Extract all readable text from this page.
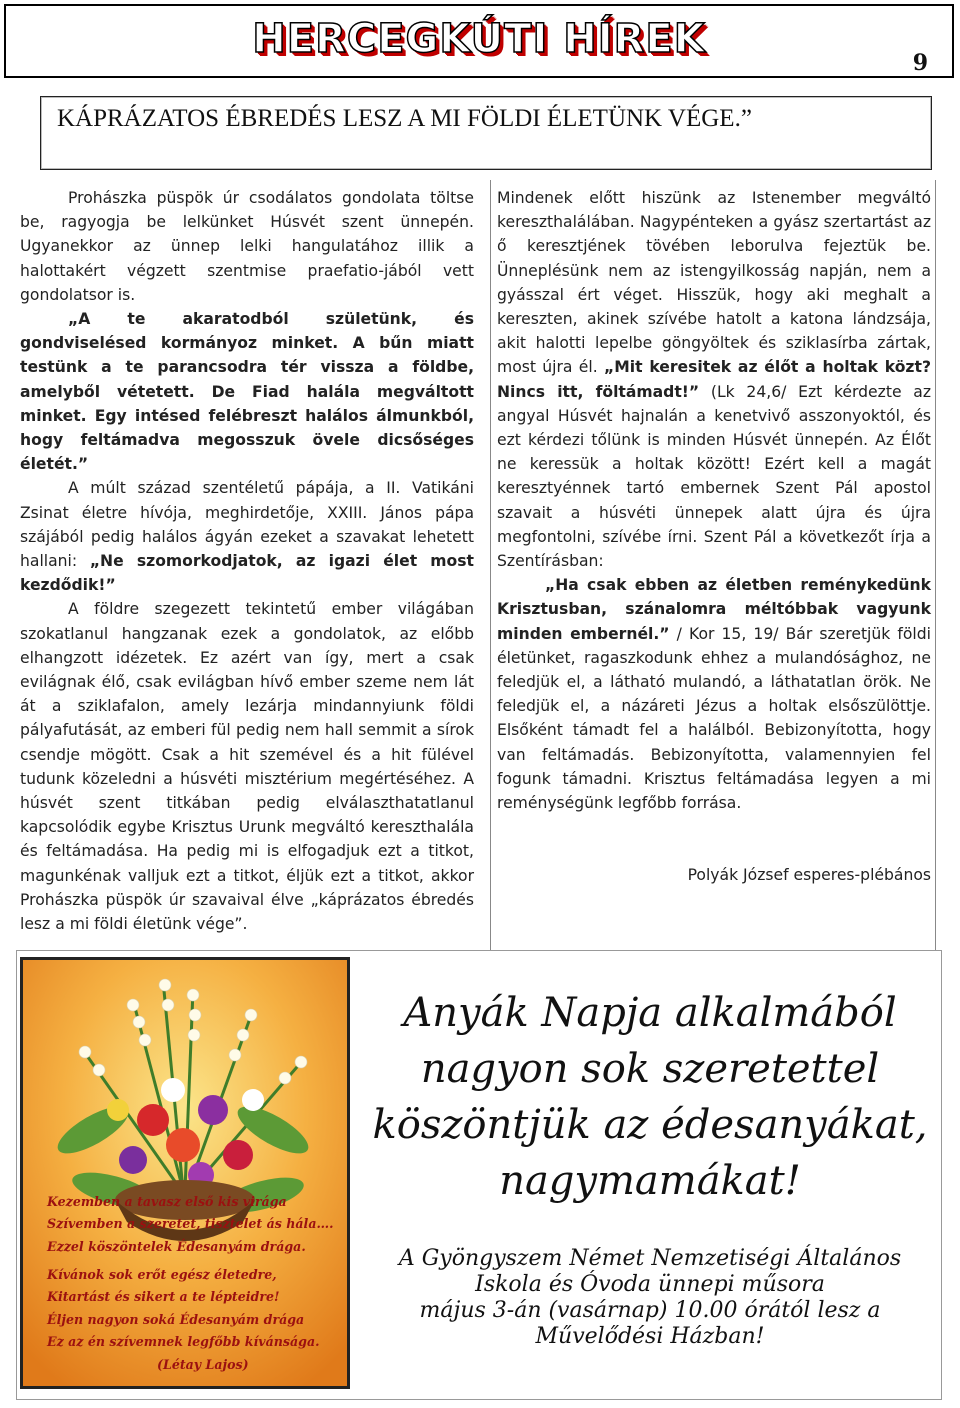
HERCEGKÚTI HÍREK
9
KÁPRÁZATOS ÉBREDÉS LESZ A MI FÖLDI ÉLETÜNK VÉGE.”

Prohászka püspök úr csodálatos gondolata töltse be, ragyogja be lelkünket Húsvét szent ünnepén. Ugyanekkor az ünnep lelki hangulatához illik a halottakért végzett szentmise praefatio-jából vett gondolatsor is.

„A te akaratodból születünk, és gondviselésed kormányoz minket. A bűn miatt testünk a te parancsodra tér vissza a földbe, amelyből vétetett. De Fiad halála megváltott minket. Egy intésed felébreszt halálos álmunkból, hogy feltámadva megosszuk övele dicsőséges életét.”

A múlt század szentéletű pápája, a II. Vatikáni Zsinat életre hívója, meghirdetője, XXIII. János pápa szájából pedig halálos ágyán ezeket a szavakat lehetett hallani: „Ne szomorkodjatok, az igazi élet most kezdődik!”

A földre szegezett tekintetű ember világában szokatlanul hangzanak ezek a gondolatok, az előbb elhangzott idézetek. Ez azért van így, mert a csak evilágnak élő, csak evilágban hívő ember szeme nem lát át a sziklafalon, amely lezárja mindannyiunk földi pályafutását, az emberi fül pedig nem hall semmit a sírok csendje mögött. Csak a hit szemével és a hit fülével tudunk közeledni a húsvéti misztérium megértéséhez. A húsvét szent titkában pedig elválaszthatatlanul kapcsolódik egybe Krisztus Urunk megváltó kereszthalála és feltámadása. Ha pedig mi is elfogadjuk ezt a titkot, magunkénak valljuk ezt a titkot, éljük ezt a titkot, akkor Prohászka püspök úr szavaival élve „káprázatos ébredés lesz a mi földi életünk vége”.

Mindenek előtt hiszünk az Istenember megváltó kereszthalálában. Nagypénteken a gyász szertartást az ő keresztjének tövében leborulva fejeztük be. Ünneplésünk nem az istengyilkosság napján, nem a gyásszal ért véget. Hisszük, hogy aki meghalt a kereszten, akinek szívébe hatolt a katona lándzsája, akit halotti lepelbe göngyöltek és sziklasírba zártak, most újra él. „Mit keresitek az élőt a holtak közt? Nincs itt, föltámadt!” (Lk 24,6/ Ezt kérdezte az angyal Húsvét hajnalán a kenetvivő asszonyoktól, és ezt kérdezi tőlünk is minden Húsvét ünnepén. Az Élőt ne keressük a holtak között! Ezért kell a magát keresztyénnek tartó embernek Szent Pál apostol szavait a húsvéti ünnepek alatt újra és újra megfontolni, szívébe írni. Szent Pál a következőt írja a Szentírásban:

„Ha csak ebben az életben reménykedünk Krisztusban, szánalomra méltóbbak vagyunk minden embernél.” / Kor 15, 19/ Bár szeretjük földi életünket, ragaszkodunk ehhez a mulandósághoz, ne feledjük el, a látható mulandó, a láthatatlan örök. Ne feledjük el, a názáreti Jézus a holtak elsőszülöttje. Elsőként támadt fel a halálból. Bebizonyította, hogy van feltámadás. Bebizonyította, valamennyien fel fogunk támadni. Krisztus feltámadása legyen a mi reménységünk legfőbb forrása.

Polyák József esperes-plébános

Kezemben a tavasz első kis virága
Szívemben a szeretet, tisztelet ás hála….
Ezzel köszöntelek Édesanyám drága.
Kívánok sok erőt egész életedre,
Kitartást és sikert a te lépteidre!
Éljen nagyon soká Édesanyám drága
Ez az én szívemnek legfőbb kívánsága.
(Létay Lajos)
Anyák Napja alkalmából
nagyon sok szeretettel
köszöntjük az édesanyákat,
nagymamákat!
A Gyöngyszem Német Nemzetiségi Általános
Iskola és Óvoda ünnepi műsora
május 3-án (vasárnap) 10.00 órától lesz a
Művelődési Házban!
